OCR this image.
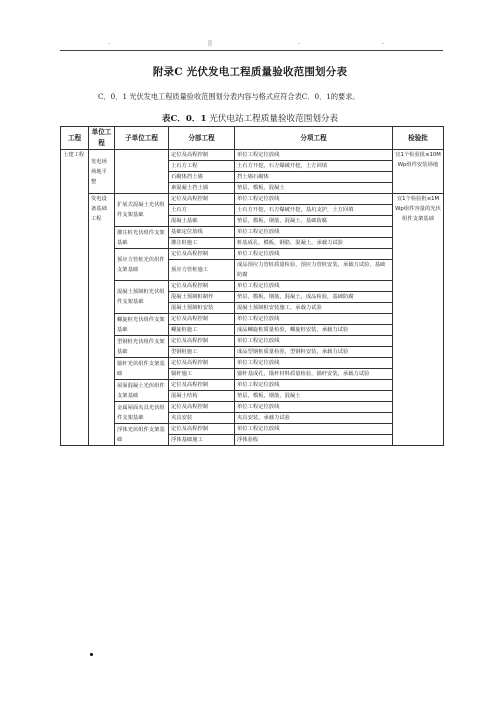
-	||	-	-
附录C 光伏发电工程质量验收范围划分表
C．0．1 光伏发电工程质量验收范围划分表内容与格式应符合表C．0．1的要求。
表C．0．1 光伏电站工程质量验收范围划分表
工程	单位工程	子单位工程	分部工程	分项工程	检验批
土建工程	发电场场地平整		定位及高程控制	单位工程定位放线	宜1个检验批≤10MWp组件安装场地
			土石方工程	土石方开挖，石方爆破开挖，土方回填	
			石砌体挡土墙	挡土墙石砌体	
			素混凝土挡土墙	垫层，模板，混凝土	
	发电设备基础工程	扩展式混凝土光伏组件支架基础	定位及高程控制	单位工程定位放线	宜1个检验批≤1MWp组件容量的光伏组件支架基础
			土石方	土石方开挖，石方爆破开挖，基坑支护，土方回填	
			混凝土基础	垫层，模板，钢筋，混凝土，基础防腐	
		灌注桩光伏组件支架基础	基础定位放线	单位工程定位放线	
			灌注桩施工	桩基成孔，模板，钢筋，混凝土，承载力试验	
		预应力管桩光伏组件支架基础	定位及高程控制	单位工程定位放线	
			预应力管桩施工	成品预应力管桩质量检验，预应力管桩安装，承载力试验，基础防腐	
		混凝土预制桩光伏组件支架基础	定位及高程控制	单位工程定位放线	
			混凝土预制桩制作	垫层，模板，钢筋，混凝土，成品检验，基础防腐	
			混凝土预制桩安装	混凝土预制桩安装施工，承载力试验	
		螺旋桩光伏组件支架基础	定位及高程控制	单位工程定位放线	
			螺旋桩施工	成品螺旋桩质量检验，螺旋桩安装，承载力试验	
		型钢桩光伏组件支架基础	定位及高程控制	单位工程定位放线	
			型钢桩施工	成品型钢桩质量检验，型钢桩安装，承载力试验	
		锚杆光伏组件支架基础	定位及高程控制	单位工程定位放线	
			锚杆施工	锚杆基成孔，锚杆材料质量检验，锚杆安装，承载力试验	
		屋面混凝土光伏组件支架基础	定位及高程控制	单位工程定位放线	
			混凝土结构	垫层，模板，钢筋，混凝土	
		金属屋面夹具光伏组件支架基础	定位及高程控制	单位工程定位放线	
			夹具安装	夹具安装，承载力试验	
		浮体光伏组件支架基础	定位及高程控制	单位工程定位放线	
			浮体基础施工	浮体验收	
